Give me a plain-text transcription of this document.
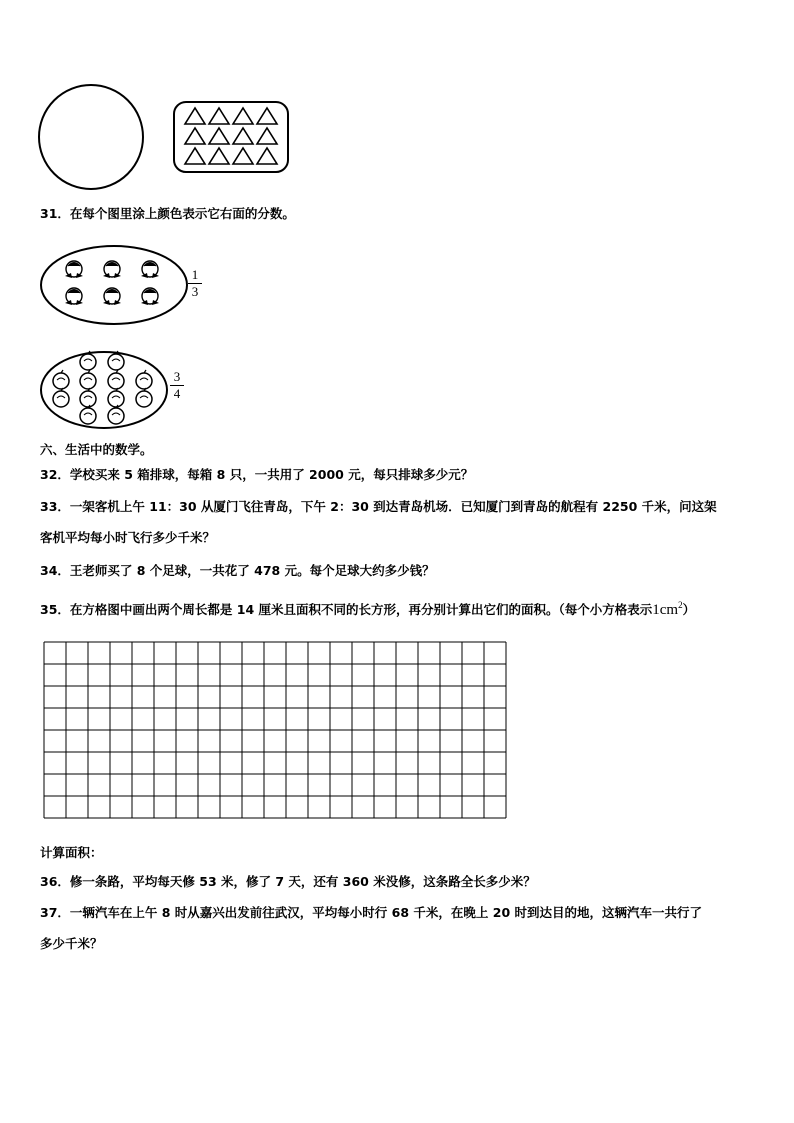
31．在每个图里涂上颜色表示它右面的分数。
1
3
3
4
六、生活中的数学。
32．学校买来 5 箱排球，每箱 8 只，一共用了 2000 元，每只排球多少元？
33．一架客机上午 11：30 从厦门飞往青岛，下午 2：30 到达青岛机场．已知厦门到青岛的航程有 2250 千米，问这架
客机平均每小时飞行多少千米？
34．王老师买了 8 个足球，一共花了 478 元。每个足球大约多少钱？
35．在方格图中画出两个周长都是 14 厘米且面积不同的长方形，再分别计算出它们的面积。（每个小方格表示$1cm^2$）
计算面积：
36．修一条路，平均每天修 53 米，修了 7 天，还有 360 米没修，这条路全长多少米？
37．一辆汽车在上午 8 时从嘉兴出发前往武汉，平均每小时行 68 千米，在晚上 20 时到达目的地，这辆汽车一共行了
多少千米？
